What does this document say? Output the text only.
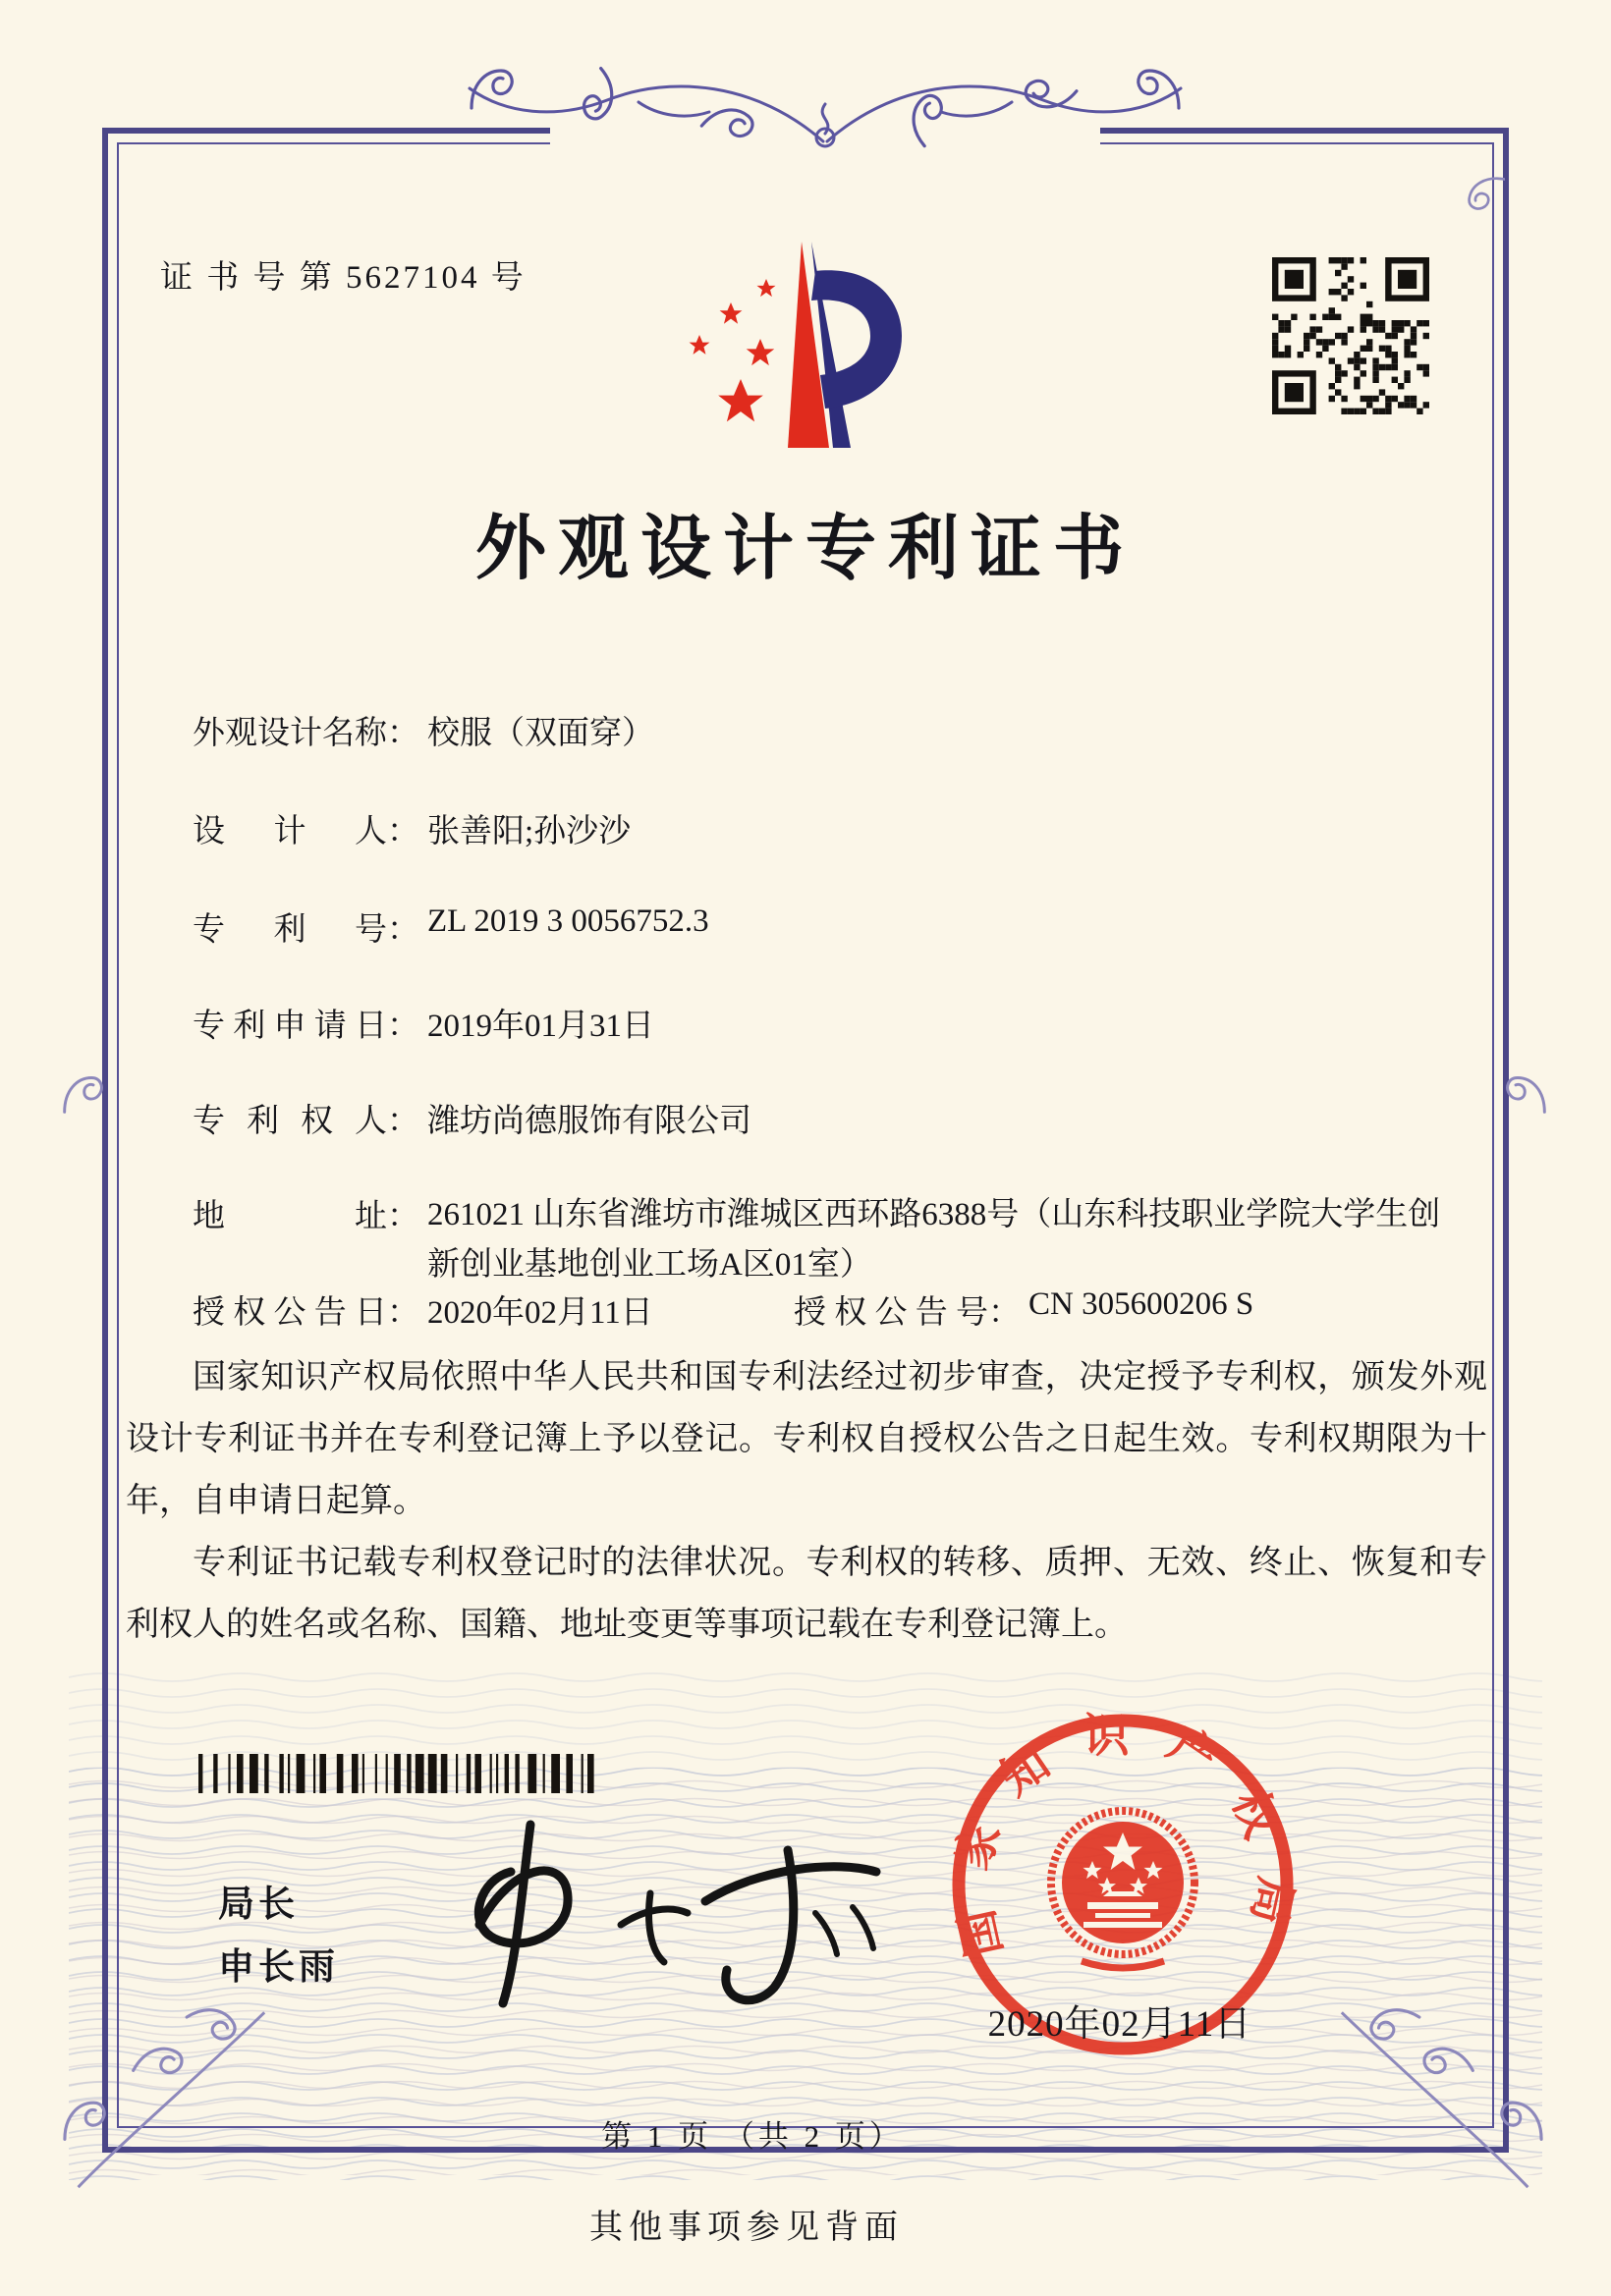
证 书 号 第 5627104 号
外观设计专利证书
外观设计名称： 校服（双面穿）
设计人： 张善阳;孙沙沙
专利号： ZL 2019 3 0056752.3
专利申请日： 2019年01月31日
专利权人： 潍坊尚德服饰有限公司
地址： 261021 山东省潍坊市潍城区西环路6388号（山东科技职业学院大学生创新创业基地创业工场A区01室）
授权公告日： 2020年02月11日	授权公告号： CN 305600206 S

国家知识产权局依照中华人民共和国专利法经过初步审查，决定授予专利权，颁发外观设计专利证书并在专利登记簿上予以登记。专利权自授权公告之日起生效。专利权期限为十年，自申请日起算。

专利证书记载专利权登记时的法律状况。专利权的转移、质押、无效、终止、恢复和专利权人的姓名或名称、国籍、地址变更等事项记载在专利登记簿上。

局长
申长雨
国家知识产权局
2020年02月11日
第 1 页 （共 2 页）
其他事项参见背面
